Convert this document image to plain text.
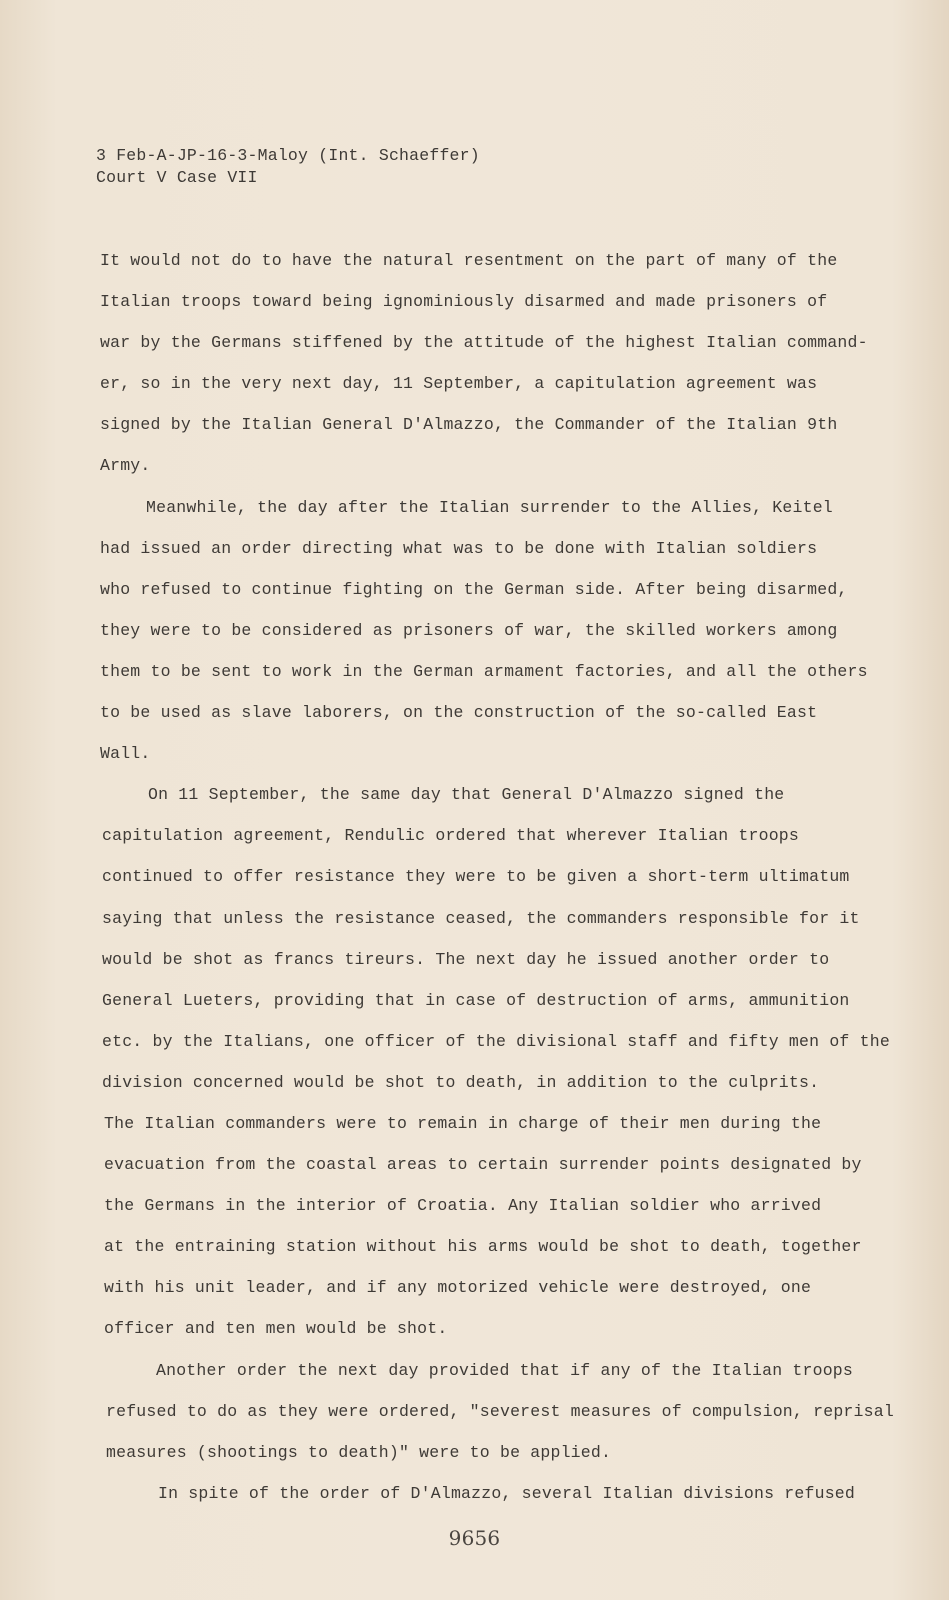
3 Feb-A-JP-16-3-Maloy (Int. Schaeffer)
Court V Case VII
It would not do to have the natural resentment on the part of many of the
Italian troops toward being ignominiously disarmed and made prisoners of
war by the Germans stiffened by the attitude of the highest Italian command-
er, so in the very next day, 11 September, a capitulation agreement was
signed by the Italian General D'Almazzo, the Commander of the Italian 9th
Army.
Meanwhile, the day after the Italian surrender to the Allies, Keitel
had issued an order directing what was to be done with Italian soldiers
who refused to continue fighting on the German side. After being disarmed,
they were to be considered as prisoners of war, the skilled workers among
them to be sent to work in the German armament factories, and all the others
to be used as slave laborers, on the construction of the so-called East
Wall.
On 11 September, the same day that General D'Almazzo signed the
capitulation agreement, Rendulic ordered that wherever Italian troops
continued to offer resistance they were to be given a short-term ultimatum
saying that unless the resistance ceased, the commanders responsible for it
would be shot as francs tireurs. The next day he issued another order to
General Lueters, providing that in case of destruction of arms, ammunition
etc. by the Italians, one officer of the divisional staff and fifty men of the
division concerned would be shot to death, in addition to the culprits.
The Italian commanders were to remain in charge of their men during the
evacuation from the coastal areas to certain surrender points designated by
the Germans in the interior of Croatia. Any Italian soldier who arrived
at the entraining station without his arms would be shot to death, together
with his unit leader, and if any motorized vehicle were destroyed, one
officer and ten men would be shot.
Another order the next day provided that if any of the Italian troops
refused to do as they were ordered, "severest measures of compulsion, reprisal
measures (shootings to death)" were to be applied.
In spite of the order of D'Almazzo, several Italian divisions refused
9656
